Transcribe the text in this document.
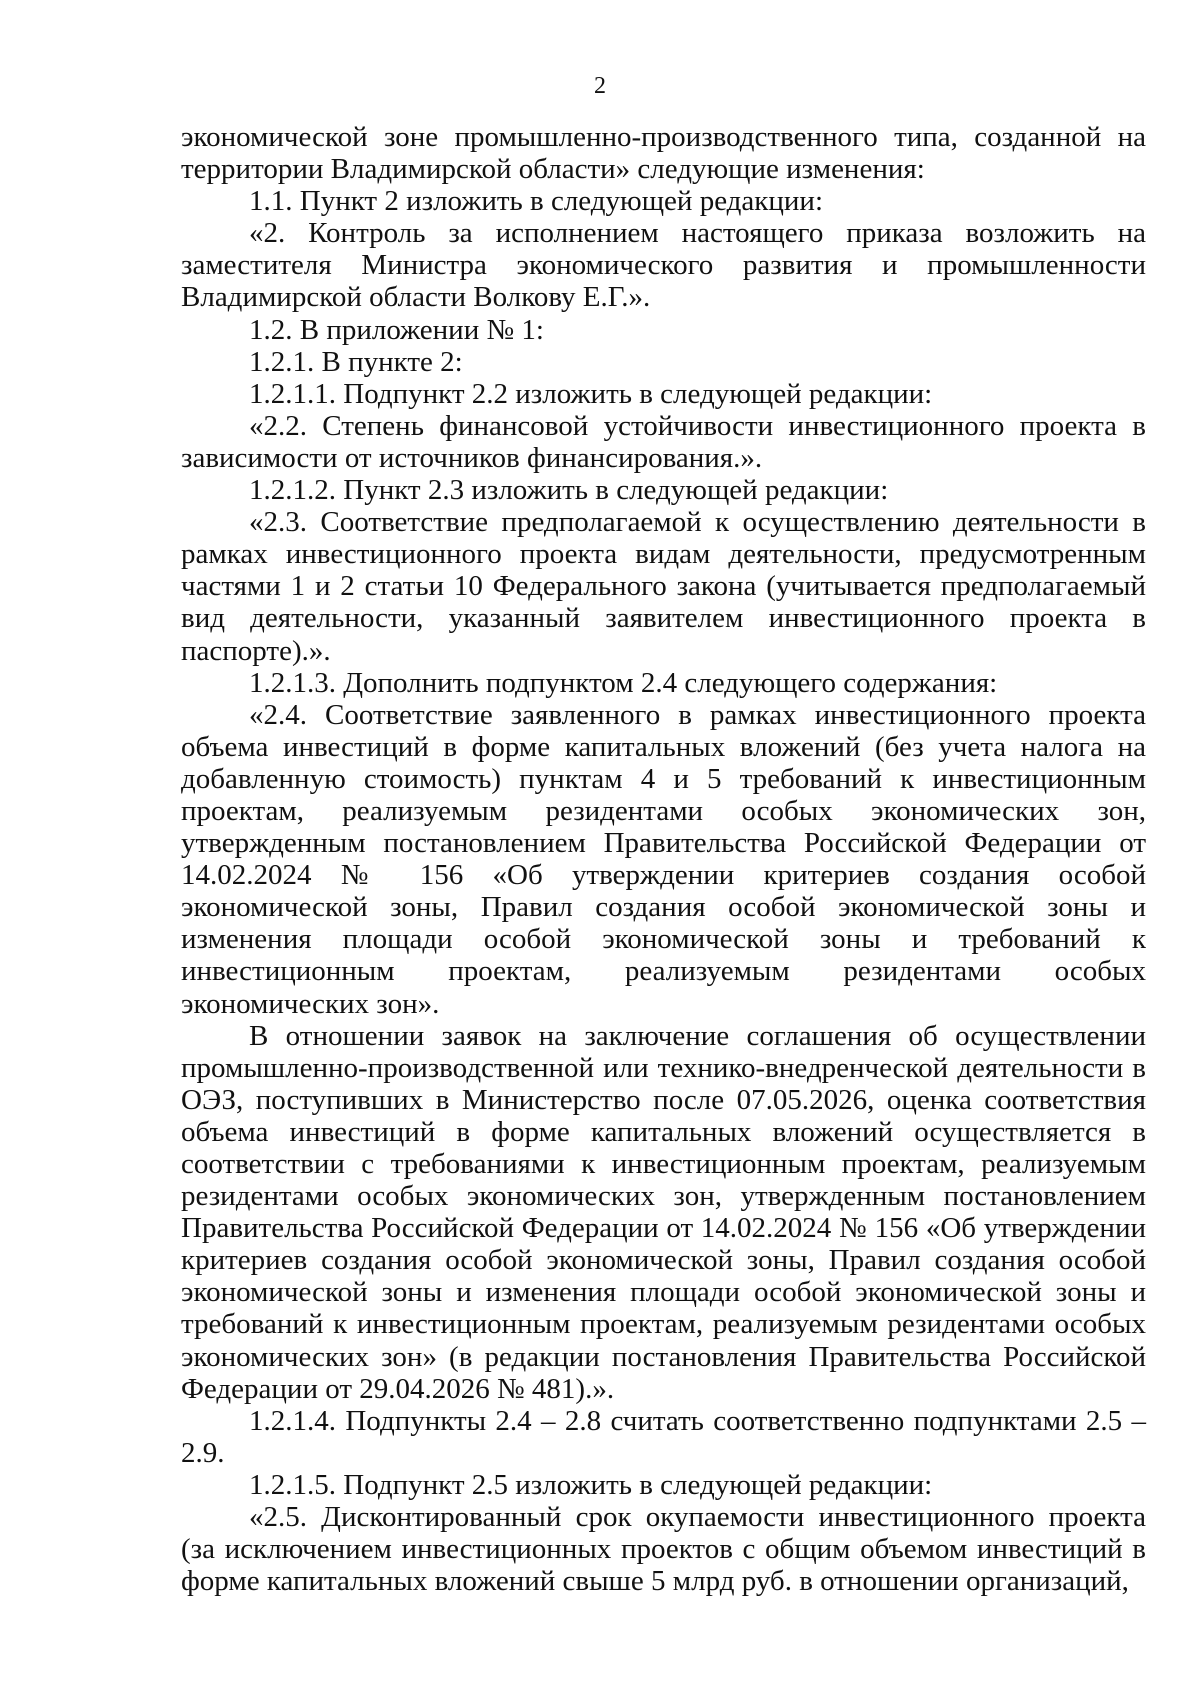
2

экономической зоне промышленно-производственного типа, созданной на территории Владимирской области» следующие изменения:

1.1. Пункт 2 изложить в следующей редакции:

«2. Контроль за исполнением настоящего приказа возложить на заместителя Министра экономического развития и промышленности Владимирской области Волкову Е.Г.».

1.2. В приложении № 1:

1.2.1. В пункте 2:

1.2.1.1. Подпункт 2.2 изложить в следующей редакции:

«2.2. Степень финансовой устойчивости инвестиционного проекта в зависимости от источников финансирования.».

1.2.1.2. Пункт 2.3 изложить в следующей редакции:

«2.3. Соответствие предполагаемой к осуществлению деятельности в рамках инвестиционного проекта видам деятельности, предусмотренным частями 1 и 2 статьи 10 Федерального закона (учитывается предполагаемый вид деятельности, указанный заявителем инвестиционного проекта в паспорте).».

1.2.1.3. Дополнить подпунктом 2.4 следующего содержания:

«2.4. Соответствие заявленного в рамках инвестиционного проекта объема инвестиций в форме капитальных вложений (без учета налога на добавленную стоимость) пунктам 4 и 5 требований к инвестиционным проектам, реализуемым резидентами особых экономических зон, утвержденным постановлением Правительства Российской Федерации от 14.02.2024 № 156 «Об утверждении критериев создания особой экономической зоны, Правил создания особой экономической зоны и изменения площади особой экономической зоны и требований к инвестиционным проектам, реализуемым резидентами особых экономических зон».

В отношении заявок на заключение соглашения об осуществлении промышленно-производственной или технико-внедренческой деятельности в ОЭЗ, поступивших в Министерство после 07.05.2026, оценка соответствия объема инвестиций в форме капитальных вложений осуществляется в соответствии с требованиями к инвестиционным проектам, реализуемым резидентами особых экономических зон, утвержденным постановлением Правительства Российской Федерации от 14.02.2024 № 156 «Об утверждении критериев создания особой экономической зоны, Правил создания особой экономической зоны и изменения площади особой экономической зоны и требований к инвестиционным проектам, реализуемым резидентами особых экономических зон» (в редакции постановления Правительства Российской Федерации от 29.04.2026 № 481).».

1.2.1.4. Подпункты 2.4 – 2.8 считать соответственно подпунктами 2.5 – 2.9.

1.2.1.5. Подпункт 2.5 изложить в следующей редакции:

«2.5. Дисконтированный срок окупаемости инвестиционного проекта (за исключением инвестиционных проектов с общим объемом инвестиций в форме капитальных вложений свыше 5 млрд руб. в отношении организаций,
